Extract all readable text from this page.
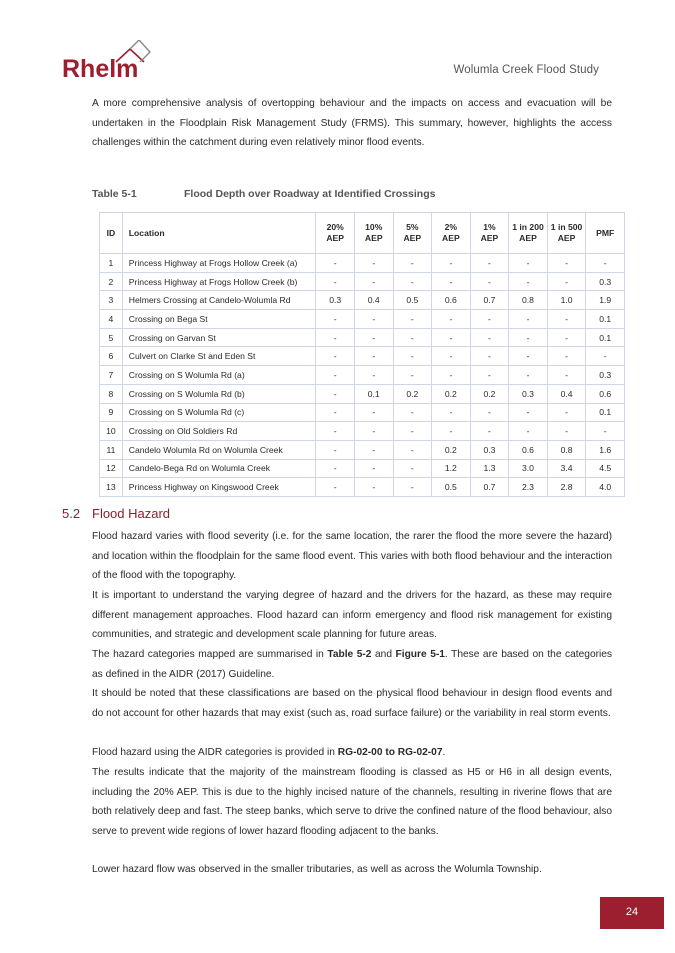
Rhelm	Wolumla Creek Flood Study

A more comprehensive analysis of overtopping behaviour and the impacts on access and evacuation will be undertaken in the Floodplain Risk Management Study (FRMS). This summary, however, highlights the access challenges within the catchment during even relatively minor flood events.

Table 5-1	Flood Depth over Roadway at Identified Crossings
ID	Location	20% AEP	10% AEP	5% AEP	2% AEP	1% AEP	1 in 200 AEP	1 in 500 AEP	PMF
1	Princess Highway at Frogs Hollow Creek (a)	-	-	-	-	-	-	-	-
2	Princess Highway at Frogs Hollow Creek (b)	-	-	-	-	-	-	-	0.3
3	Helmers Crossing at Candelo-Wolumla Rd	0.3	0.4	0.5	0.6	0.7	0.8	1.0	1.9
4	Crossing on Bega St	-	-	-	-	-	-	-	0.1
5	Crossing on Garvan St	-	-	-	-	-	-	-	0.1
6	Culvert on Clarke St and Eden St	-	-	-	-	-	-	-	-
7	Crossing on S Wolumla Rd (a)	-	-	-	-	-	-	-	0.3
8	Crossing on S Wolumla Rd (b)	-	0.1	0.2	0.2	0.2	0.3	0.4	0.6
9	Crossing on S Wolumla Rd (c)	-	-	-	-	-	-	-	0.1
10	Crossing on Old Soldiers Rd	-	-	-	-	-	-	-	-
11	Candelo Wolumla Rd on Wolumla Creek	-	-	-	0.2	0.3	0.6	0.8	1.6
12	Candelo-Bega Rd on Wolumla Creek	-	-	-	1.2	1.3	3.0	3.4	4.5
13	Princess Highway on Kingswood Creek	-	-	-	0.5	0.7	2.3	2.8	4.0
5.2 Flood Hazard

Flood hazard varies with flood severity (i.e. for the same location, the rarer the flood the more severe the hazard) and location within the floodplain for the same flood event. This varies with both flood behaviour and the interaction of the flood with the topography.

It is important to understand the varying degree of hazard and the drivers for the hazard, as these may require different management approaches. Flood hazard can inform emergency and flood risk management for existing communities, and strategic and development scale planning for future areas.

The hazard categories mapped are summarised in Table 5-2 and Figure 5-1. These are based on the categories as defined in the AIDR (2017) Guideline.

It should be noted that these classifications are based on the physical flood behaviour in design flood events and do not account for other hazards that may exist (such as, road surface failure) or the variability in real storm events.

Flood hazard using the AIDR categories is provided in RG-02-00 to RG-02-07.

The results indicate that the majority of the mainstream flooding is classed as H5 or H6 in all design events, including the 20% AEP. This is due to the highly incised nature of the channels, resulting in riverine flows that are both relatively deep and fast. The steep banks, which serve to drive the confined nature of the flood behaviour, also serve to prevent wide regions of lower hazard flooding adjacent to the banks.

Lower hazard flow was observed in the smaller tributaries, as well as across the Wolumla Township.

24
